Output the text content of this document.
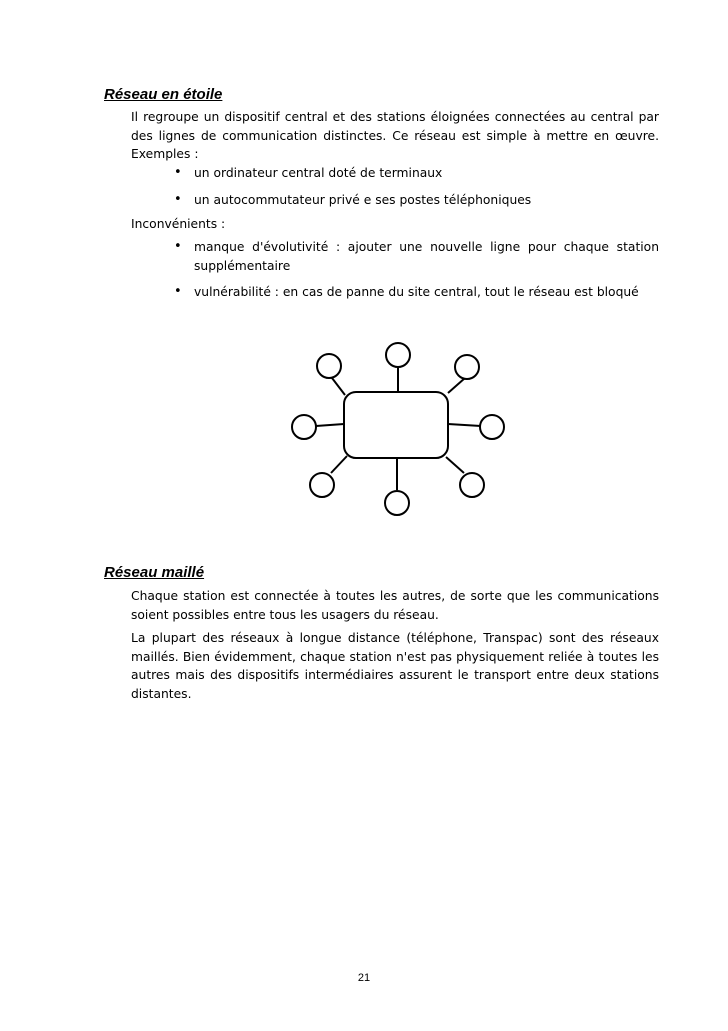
Réseau en étoile

Il regroupe un dispositif central et des stations éloignées connectées au central par des lignes de communication distinctes. Ce réseau est simple à mettre en œuvre. Exemples :

• un ordinateur central doté de terminaux
• un autocommutateur privé e ses postes téléphoniques

Inconvénients :

• manque d'évolutivité : ajouter une nouvelle ligne pour chaque station supplémentaire
• vulnérabilité : en cas de panne du site central, tout le réseau est bloqué
Réseau maillé

Chaque station est connectée à toutes les autres, de sorte que les communications soient possibles entre tous les usagers du réseau.

La plupart des réseaux à longue distance (téléphone, Transpac) sont des réseaux maillés. Bien évidemment, chaque station n'est pas physiquement reliée à toutes les autres mais des dispositifs intermédiaires assurent le transport entre deux stations distantes.

21
